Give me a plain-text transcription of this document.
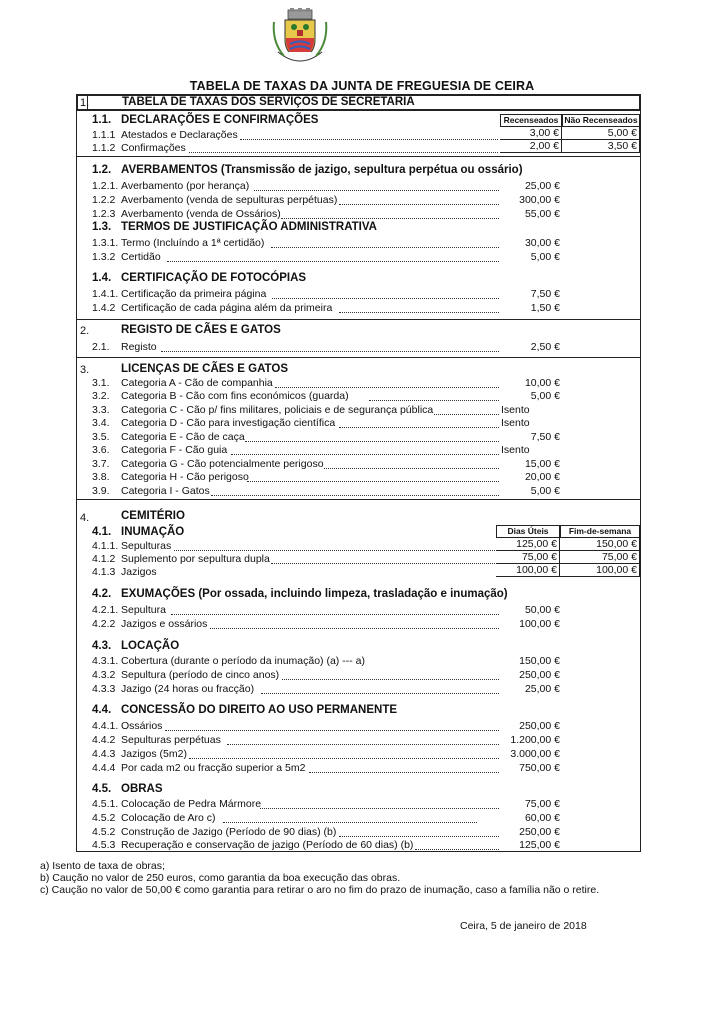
TABELA DE TAXAS DA JUNTA DE FREGUESIA DE CEIRA
1.	TABELA DE TAXAS DOS SERVIÇOS DE SECRETARIA
1.1. DECLARAÇÕES E CONFIRMAÇÕES	Recenseados Não Recenseados
1.1.1 Atestados e Declarações	3,00 €	5,00 €
1.1.2 Confirmações	2,00 €	3,50 €
1.2. AVERBAMENTOS (Transmissão de jazigo, sepultura perpétua ou ossário)
1.2.1. Averbamento (por herança)	25,00 €
1.2.2 Averbamento (venda de sepulturas perpétuas)	300,00 €
1.2.3 Averbamento (venda de Ossários)	55,00 €
1.3. TERMOS DE JUSTIFICAÇÃO ADMINISTRATIVA
1.3.1. Termo (Incluíndo a 1ª certidão)	30,00 €
1.3.2 Certidão	5,00 €
1.4. CERTIFICAÇÃO DE FOTOCÓPIAS
1.4.1. Certificação da primeira página	7,50 €
1.4.2 Certificação de cada página além da primeira	1,50 €
2.	REGISTO DE CÃES E GATOS
2.1. Registo	2,50 €
3.	LICENÇAS DE CÃES E GATOS
3.1. Categoria A - Cão de companhia	10,00 €
3.2. Categoria B - Cão com fins económicos (guarda)	5,00 €
3.3. Categoria C - Cão p/ fins militares, policiais e de segurança pública	Isento
3.4. Categoria D - Cão para investigação científica	Isento
3.5. Categoria E - Cão de caça	7,50 €
3.6. Categoria F - Cão guia	Isento
3.7. Categoria G - Cão potencialmente perigoso	15,00 €
3.8. Categoria H - Cão perigoso	20,00 €
3.9. Categoria I - Gatos	5,00 €
4.	CEMITÉRIO
4.1. INUMAÇÃO	Dias Úteis	Fim-de-semana
4.1.1. Sepulturas	125,00 €	150,00 €
4.1.2 Suplemento por sepultura dupla	75,00 €	75,00 €
4.1.3 Jazigos	100,00 €	100,00 €
4.2. EXUMAÇÕES (Por ossada, incluindo limpeza, trasladação e inumação)
4.2.1. Sepultura	50,00 €
4.2.2 Jazigos e ossários	100,00 €
4.3. LOCAÇÃO
4.3.1. Cobertura (durante o período da inumação) (a) --- a)	150,00 €
4.3.2 Sepultura (período de cinco anos)	250,00 €
4.3.3 Jazigo (24 horas ou fracção)	25,00 €
4.4. CONCESSÃO DO DIREITO AO USO PERMANENTE
4.4.1. Ossários	250,00 €
4.4.2 Sepulturas perpétuas	1.200,00 €
4.4.3 Jazigos (5m2)	3.000,00 €
4.4.4 Por cada m2 ou fracção superior a 5m2	750,00 €
4.5. OBRAS
4.5.1. Colocação de Pedra Mármore	75,00 €
4.5.2 Colocação de Aro c)	60,00 €
4.5.2 Construção de Jazigo (Período de 90 dias) (b)	250,00 €
4.5.3 Recuperação e conservação de jazigo (Período de 60 dias) (b)	125,00 €
a) Isento de taxa de obras;
b) Caução no valor de 250 euros, como garantia da boa execução das obras.
c) Caução no valor de 50,00 € como garantia para retirar o aro no fim do prazo de inumação, caso a família não o retire.
Ceira, 5 de janeiro de 2018
